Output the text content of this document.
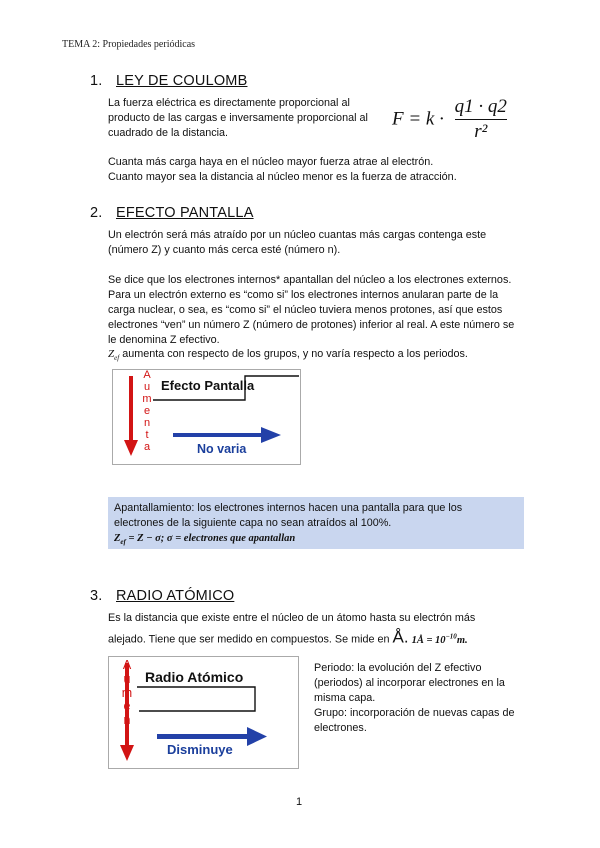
TEMA 2: Propiedades periódicas
1. LEY DE COULOMB
La fuerza eléctrica es directamente proporcional al
producto de las cargas e inversamente proporcional al
cuadrado de la distancia.
$F = k \cdot \frac{q1 \cdot q2}{\text{r²}}$
Cuanta más carga haya en el núcleo mayor fuerza atrae al electrón.
Cuanto mayor sea la distancia al núcleo menor es la fuerza de atracción.
2. EFECTO PANTALLA
Un electrón será más atraído por un núcleo cuantas más cargas contenga este
(número Z) y cuanto más cerca esté (número n).
Se dice que los electrones internos* apantallan del núcleo a los electrones externos.
Para un electrón externo es “como si” los electrones internos anularan parte de la
carga nuclear, o sea, es “como si” el núcleo tuviera menos protones, así que estos
electrones “ven” un número Z (número de protones) inferior al real. A este número se
le denomina Z efectivo.
$Z_{ef}$ aumenta con respecto de los grupos, y no varía respecto a los periodos.
A
u
m
e
n
t
a
Efecto Pantalla
No varia
Apantallamiento: los electrones internos hacen una pantalla para que los
electrones de la siguiente capa no sean atraídos al 100%.
$Z_{ef} = Z - \sigma$; σ = electrones que apantallan
3. RADIO ATÓMICO
Es la distancia que existe entre el núcleo de un átomo hasta su electrón más
alejado. Tiene que ser medido en compuestos. Se mide en Å. 1Å = $10^{-10}m$.
A
u
m
e
n
t
a
Radio Atómico
Disminuye
Periodo: la evolución del Z efectivo
(periodos) al incorporar electrones en la
misma capa.
Grupo: incorporación de nuevas capas de
electrones.
1
